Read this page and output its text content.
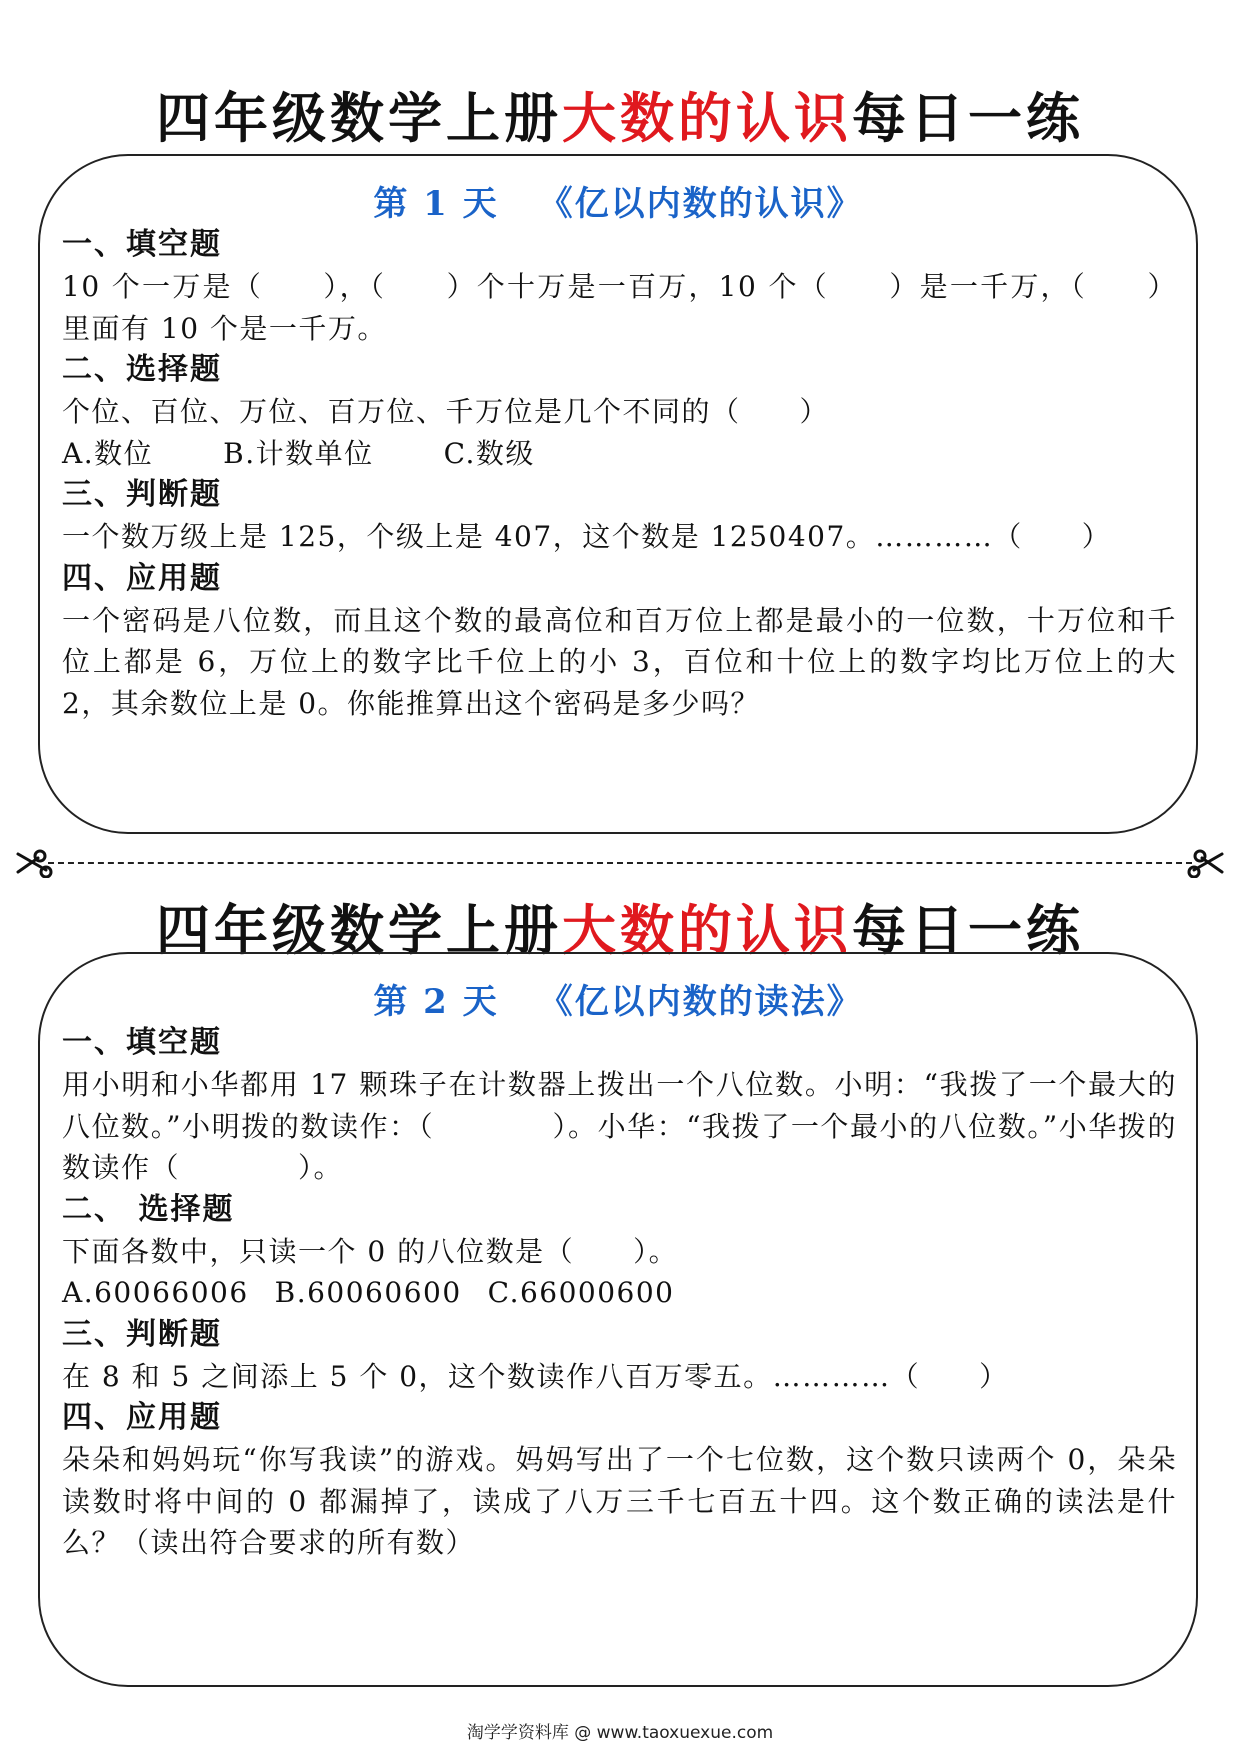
四年级数学上册大数的认识每日一练
第 1 天 《亿以内数的认识》
一、填空题
10 个一万是（　　），（　　）个十万是一百万，10 个（　　）是一千万，（　　）里面有 10 个是一千万。
二、选择题
个位、百位、万位、百万位、千万位是几个不同的（　　）
A.数位	B.计数单位	C.数级
三、判断题
一个数万级上是 125，个级上是 407，这个数是 1250407。…………（　　）
四、应用题
一个密码是八位数，而且这个数的最高位和百万位上都是最小的一位数，十万位和千位上都是 6，万位上的数字比千位上的小 3，百位和十位上的数字均比万位上的大 2，其余数位上是 0。你能推算出这个密码是多少吗？
四年级数学上册大数的认识每日一练
第 2 天 《亿以内数的读法》
一、填空题
用小明和小华都用 17 颗珠子在计数器上拨出一个八位数。小明：“我拨了一个最大的八位数。”小明拨的数读作：（　　　　）。小华：“我拨了一个最小的八位数。”小华拨的数读作（　　　　）。
二、 选择题
下面各数中，只读一个 0 的八位数是（　　）。
A.60066006 B.60060600 C.66000600
三、判断题
在 8 和 5 之间添上 5 个 0，这个数读作八百万零五。…………（　　）
四、应用题
朵朵和妈妈玩“你写我读”的游戏。妈妈写出了一个七位数，这个数只读两个 0，朵朵读数时将中间的 0 都漏掉了，读成了八万三千七百五十四。这个数正确的读法是什么？（读出符合要求的所有数）
淘学学资料库 @ www.taoxuexue.com
